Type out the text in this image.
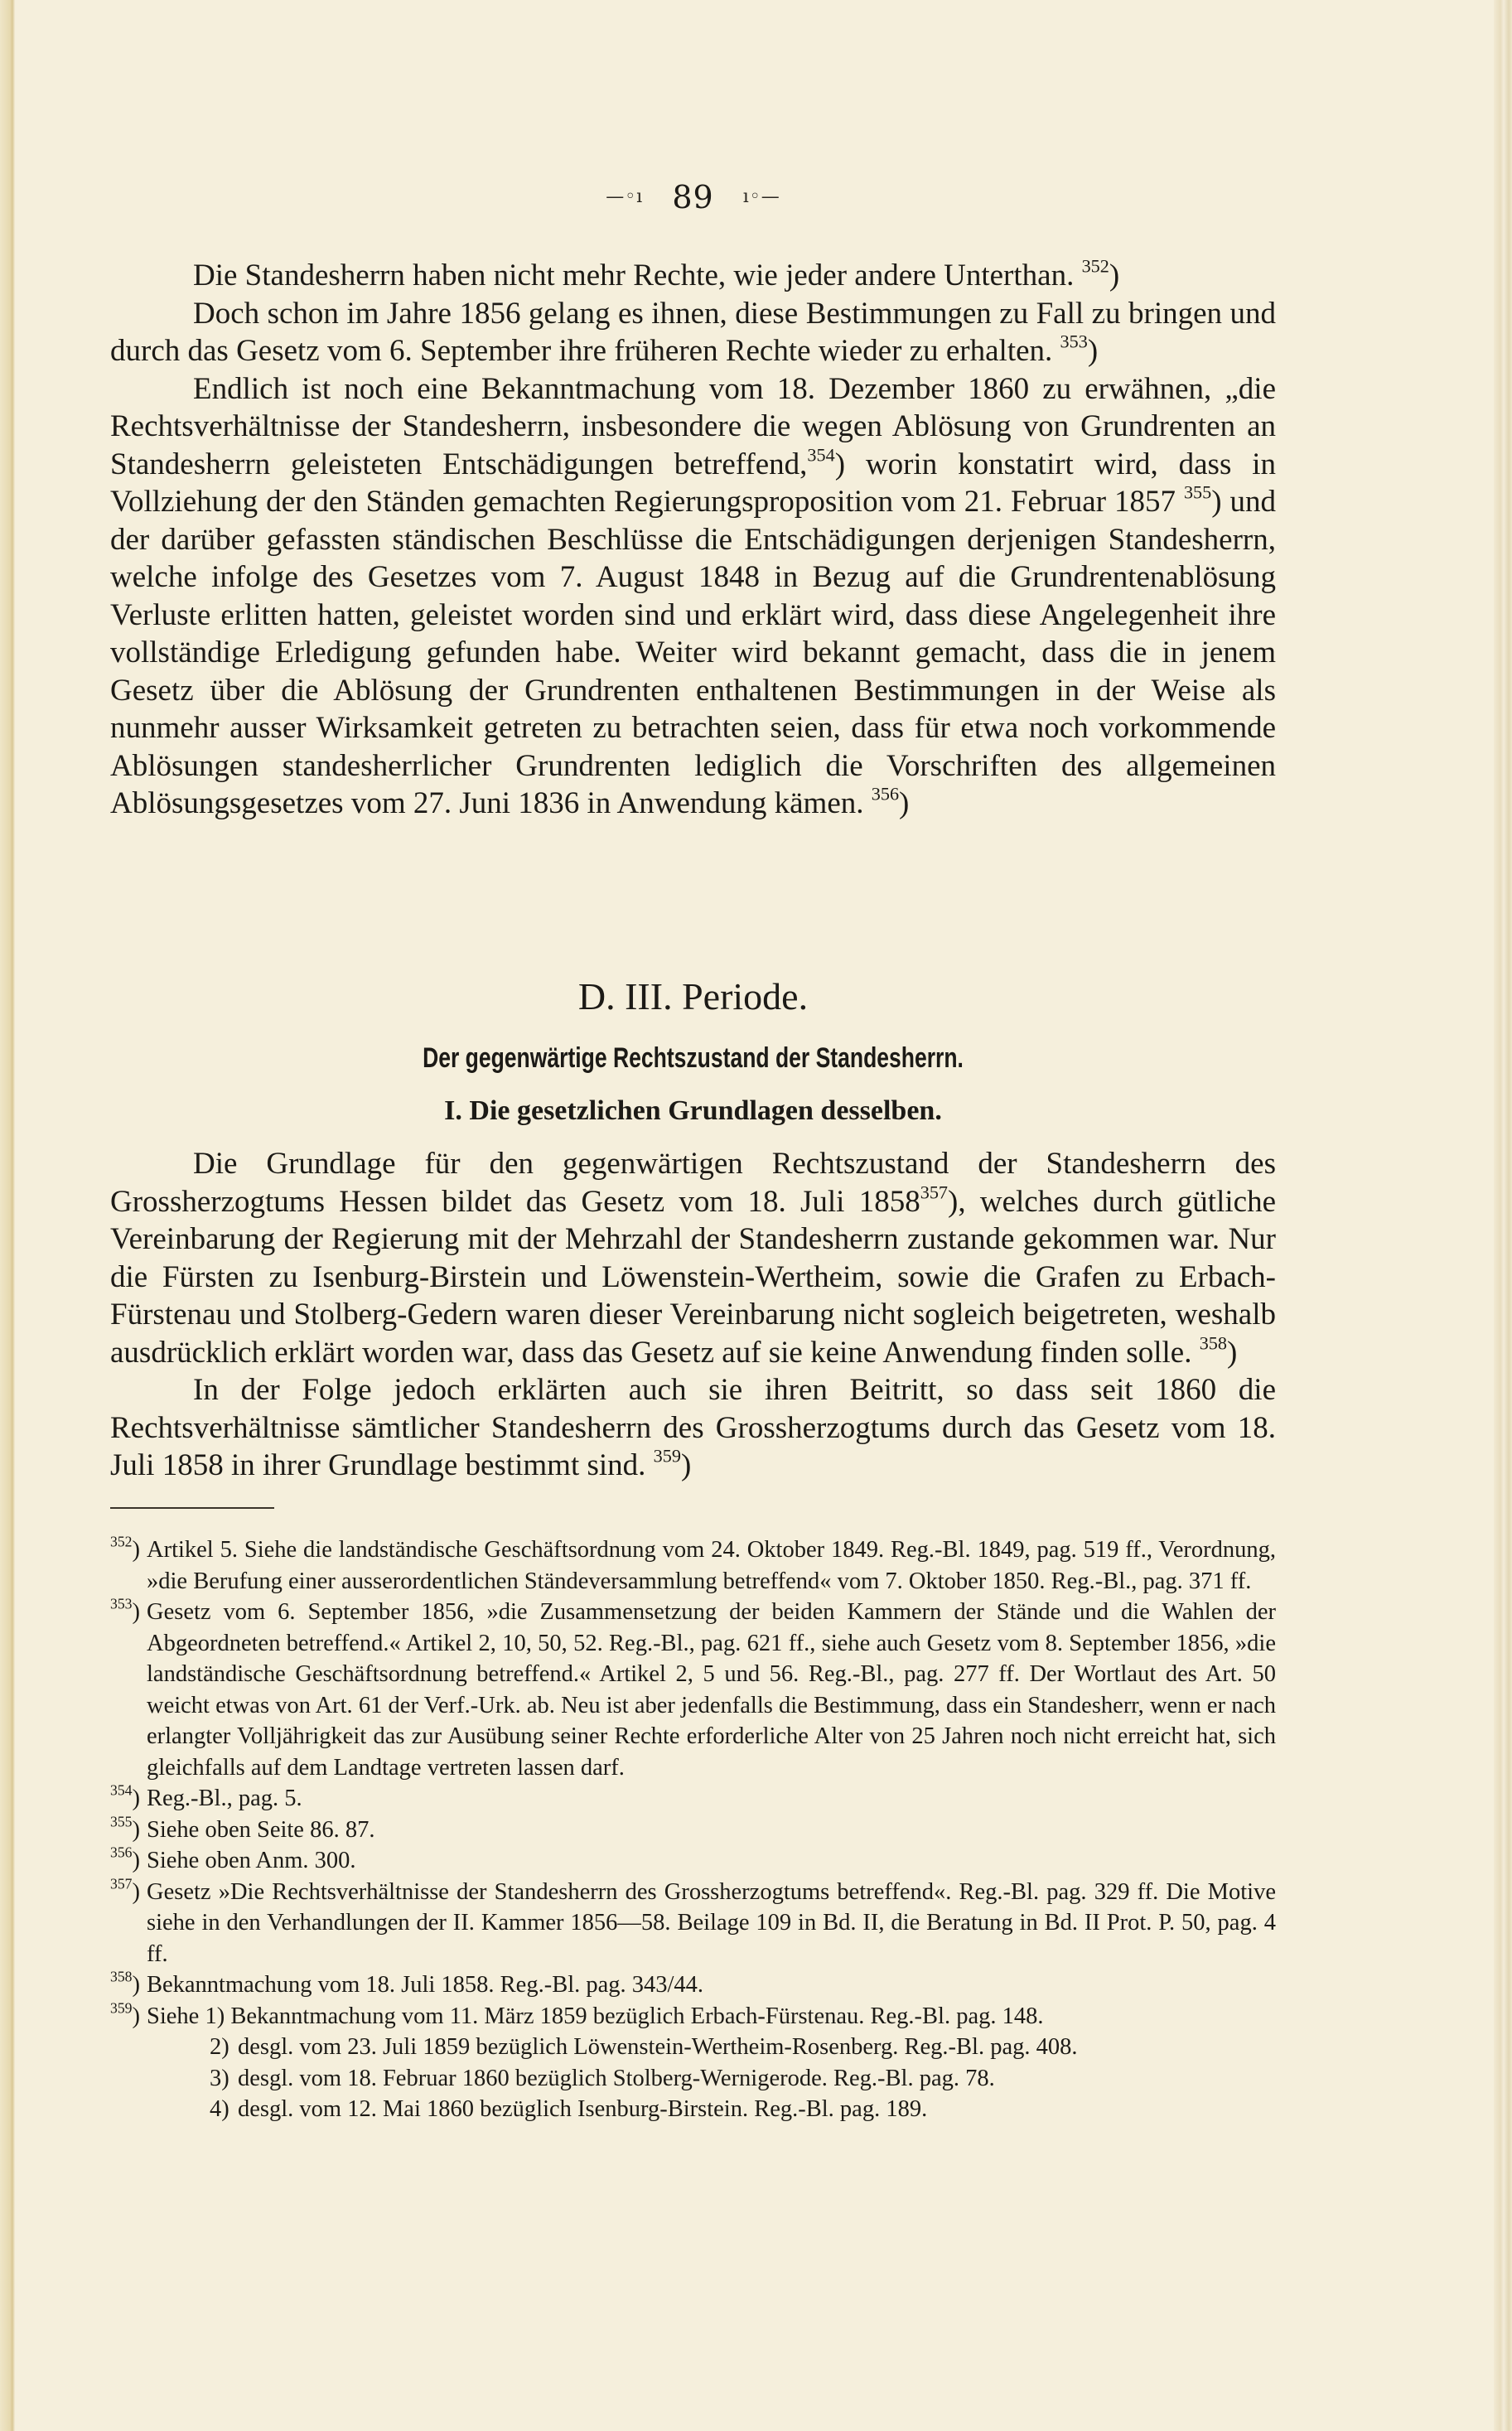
—◦ı 89 ı◦—

Die Standesherrn haben nicht mehr Rechte, wie jeder andere Unterthan. $^{352}$)

Doch schon im Jahre 1856 gelang es ihnen, diese Bestimmungen zu Fall zu bringen und durch das Gesetz vom 6. September ihre früheren Rechte wieder zu erhalten. $^{353}$)

Endlich ist noch eine Bekanntmachung vom 18. Dezember 1860 zu erwähnen, „die Rechtsverhältnisse der Standesherrn, insbesondere die wegen Ablösung von Grundrenten an Standesherrn geleisteten Entschädigungen betreffend,$^{354}$) worin konstatirt wird, dass in Vollziehung der den Ständen gemachten Regierungsproposition vom 21. Februar 1857 $^{355}$) und der darüber gefassten ständischen Beschlüsse die Entschädigungen derjenigen Standesherrn, welche infolge des Gesetzes vom 7. August 1848 in Bezug auf die Grundrentenablösung Verluste erlitten hatten, geleistet worden sind und erklärt wird, dass diese Angelegenheit ihre vollständige Erledigung gefunden habe. Weiter wird bekannt gemacht, dass die in jenem Gesetz über die Ablösung der Grundrenten enthaltenen Bestimmungen in der Weise als nunmehr ausser Wirksamkeit getreten zu betrachten seien, dass für etwa noch vorkommende Ablösungen standesherrlicher Grundrenten lediglich die Vorschriften des allgemeinen Ablösungsgesetzes vom 27. Juni 1836 in Anwendung kämen. $^{356}$)

D. III. Periode.
Der gegenwärtige Rechtszustand der Standesherrn.
I. Die gesetzlichen Grundlagen desselben.

Die Grundlage für den gegenwärtigen Rechtszustand der Standesherrn des Grossherzogtums Hessen bildet das Gesetz vom 18. Juli 1858$^{357}$), welches durch gütliche Vereinbarung der Regierung mit der Mehrzahl der Standesherrn zustande gekommen war. Nur die Fürsten zu Isenburg-Birstein und Löwenstein-Wertheim, sowie die Grafen zu Erbach-Fürstenau und Stolberg-Gedern waren dieser Vereinbarung nicht sogleich beigetreten, weshalb ausdrücklich erklärt worden war, dass das Gesetz auf sie keine Anwendung finden solle. $^{358}$)

In der Folge jedoch erklärten auch sie ihren Beitritt, so dass seit 1860 die Rechtsverhältnisse sämtlicher Standesherrn des Grossherzogtums durch das Gesetz vom 18. Juli 1858 in ihrer Grundlage bestimmt sind. $^{359}$)

$^{352}$) Artikel 5. Siehe die landständische Geschäftsordnung vom 24. Oktober 1849. Reg.-Bl. 1849, pag. 519 ff., Verordnung, »die Berufung einer ausserordentlichen Ständeversammlung betreffend« vom 7. Oktober 1850. Reg.-Bl., pag. 371 ff.
$^{353}$) Gesetz vom 6. September 1856, »die Zusammensetzung der beiden Kammern der Stände und die Wahlen der Abgeordneten betreffend.« Artikel 2, 10, 50, 52. Reg.-Bl., pag. 621 ff., siehe auch Gesetz vom 8. September 1856, »die landständische Geschäftsordnung betreffend.« Artikel 2, 5 und 56. Reg.-Bl., pag. 277 ff. Der Wortlaut des Art. 50 weicht etwas von Art. 61 der Verf.-Urk. ab. Neu ist aber jedenfalls die Bestimmung, dass ein Standesherr, wenn er nach erlangter Volljährigkeit das zur Ausübung seiner Rechte erforderliche Alter von 25 Jahren noch nicht erreicht hat, sich gleichfalls auf dem Landtage vertreten lassen darf.
$^{354}$) Reg.-Bl., pag. 5.
$^{355}$) Siehe oben Seite 86. 87.
$^{356}$) Siehe oben Anm. 300.
$^{357}$) Gesetz »Die Rechtsverhältnisse der Standesherrn des Grossherzogtums betreffend«. Reg.-Bl. pag. 329 ff. Die Motive siehe in den Verhandlungen der II. Kammer 1856—58. Beilage 109 in Bd. II, die Beratung in Bd. II Prot. P. 50, pag. 4 ff.
$^{358}$) Bekanntmachung vom 18. Juli 1858. Reg.-Bl. pag. 343/44.
$^{359}$) Siehe 1) Bekanntmachung vom 11. März 1859 bezüglich Erbach-Fürstenau. Reg.-Bl. pag. 148.
2) desgl. vom 23. Juli 1859 bezüglich Löwenstein-Wertheim-Rosenberg. Reg.-Bl. pag. 408.
3) desgl. vom 18. Februar 1860 bezüglich Stolberg-Wernigerode. Reg.-Bl. pag. 78.
4) desgl. vom 12. Mai 1860 bezüglich Isenburg-Birstein. Reg.-Bl. pag. 189.
